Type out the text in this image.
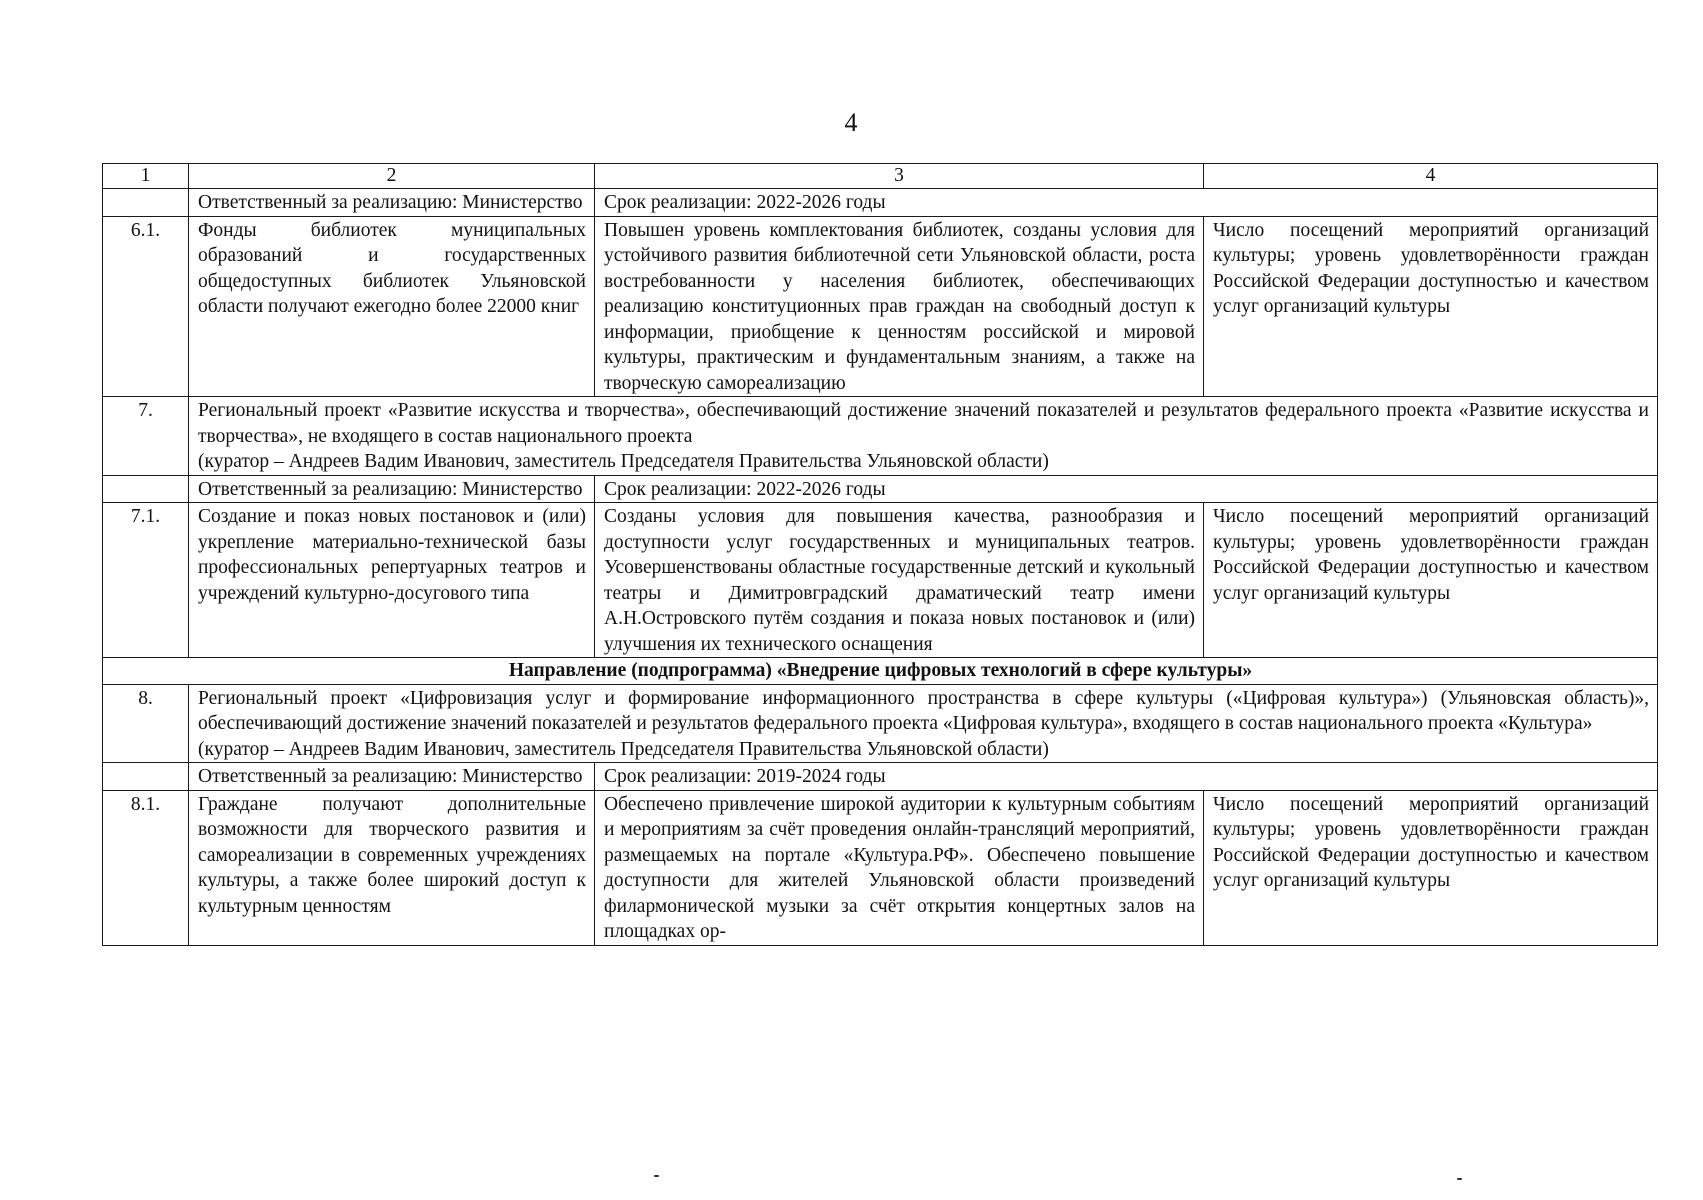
4
1	2	3	4
	Ответственный за реализацию: Министерство	Срок реализации: 2022-2026 годы	
6.1.	Фонды библиотек муниципальных образований и государственных общедоступных библиотек Ульяновской области получают ежегодно более 22000 книг	Повышен уровень комплектования библиотек, созданы условия для устойчивого развития библиотечной сети Ульяновской области, роста востребованности у населения библиотек, обеспечивающих реализацию конституционных прав граждан на свободный доступ к информации, приобщение к ценностям российской и мировой культуры, практическим и фундаментальным знаниям, а также на творческую самореализацию	Число посещений мероприятий организаций культуры; уровень удовлетворённости граждан Российской Федерации доступностью и качеством услуг организаций культуры
7.	Региональный проект «Развитие искусства и творчества», обеспечивающий достижение значений показателей и результатов федерального проекта «Развитие искусства и творчества», не входящего в состав национального проекта
(куратор – Андреев Вадим Иванович, заместитель Председателя Правительства Ульяновской области)		

	Ответственный за реализацию: Министерство	Срок реализации: 2022-2026 годы	
7.1.	Создание и показ новых постановок и (или) укрепление материально-технической базы профессиональных репертуарных театров и учреждений культурно-досугового типа	Созданы условия для повышения качества, разнообразия и доступности услуг государственных и муниципальных театров. Усовершенствованы областные государственные детский и кукольный театры и Димитровградский драматический театр имени А.Н.Островского путём создания и показа новых постановок и (или) улучшения их технического оснащения	Число посещений мероприятий организаций культуры; уровень удовлетворённости граждан Российской Федерации доступностью и качеством услуг организаций культуры
Направление (подпрограмма) «Внедрение цифровых технологий в сфере культуры»			
8.	Региональный проект «Цифровизация услуг и формирование информационного пространства в сфере культуры («Цифровая культура») (Ульяновская область)», обеспечивающий достижение значений показателей и результатов федерального проекта «Цифровая культура», входящего в состав национального проекта «Культура»
(куратор – Андреев Вадим Иванович, заместитель Председателя Правительства Ульяновской области)		

	Ответственный за реализацию: Министерство	Срок реализации: 2019-2024 годы	
8.1.	Граждане получают дополнительные возможности для творческого развития и самореализации в современных учреждениях культуры, а также более широкий доступ к культурным ценностям	Обеспечено привлечение широкой аудитории к культурным событиям и мероприятиям за счёт проведения онлайн-трансляций мероприятий, размещаемых на портале «Культура.РФ». Обеспечено повышение доступности для жителей Ульяновской области произведений филармонической музыки за счёт открытия концертных залов на площадках ор-	Число посещений мероприятий организаций культуры; уровень удовлетворённости граждан Российской Федерации доступностью и качеством услуг организаций культуры
